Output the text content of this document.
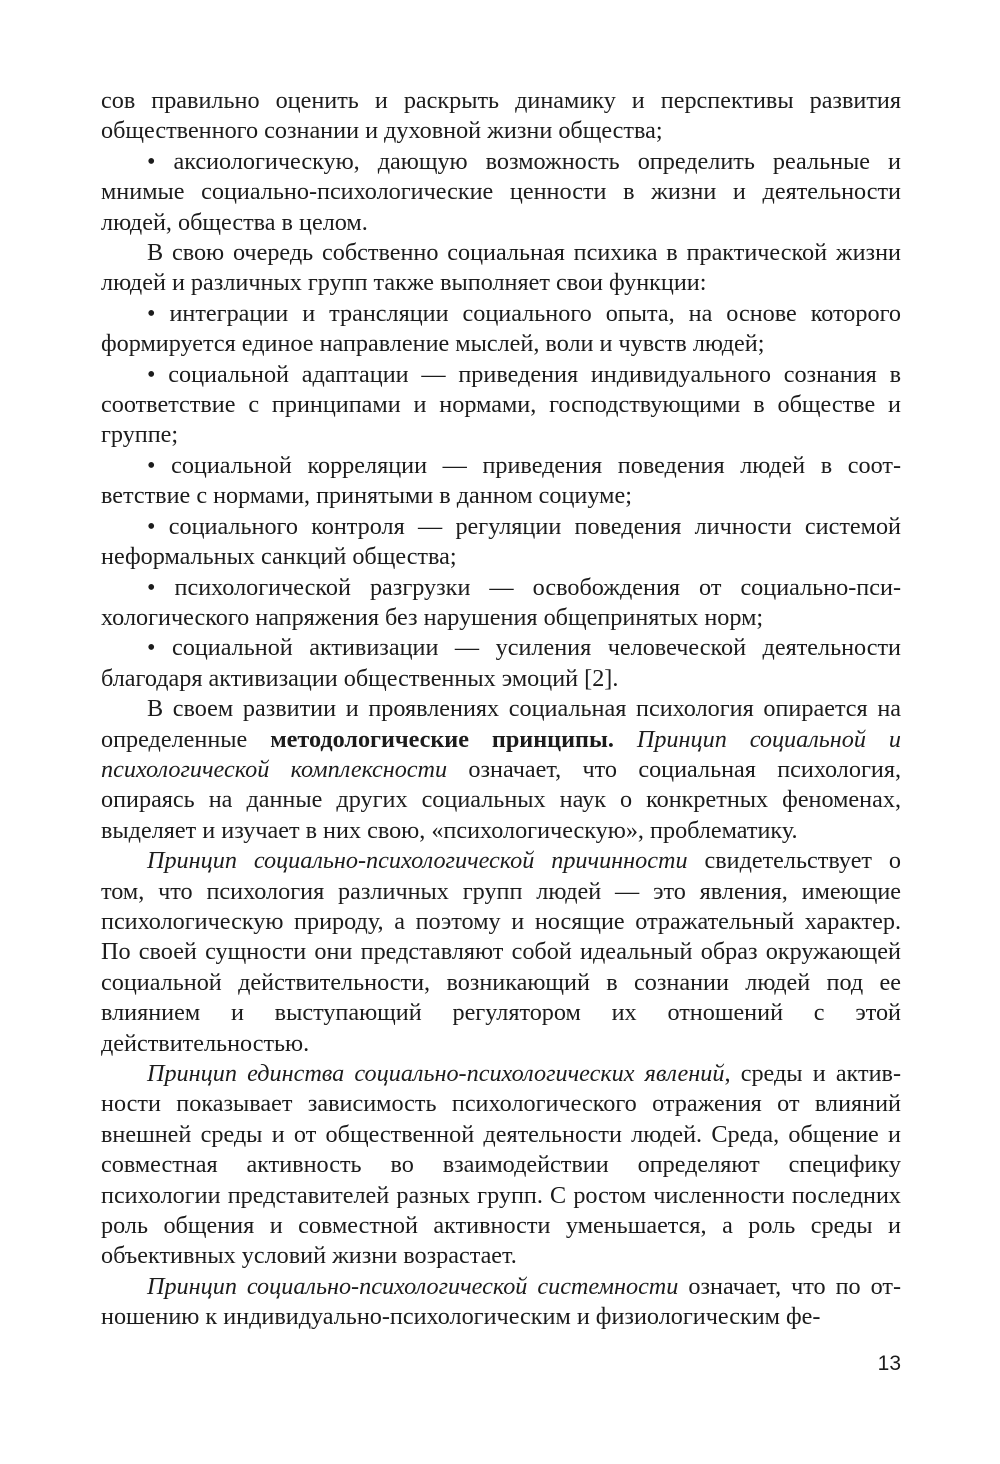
сов правильно оценить и раскрыть динамику и перспективы развития общественного сознании и духовной жизни общества;

• аксиологическую, дающую возможность определить реальные и мнимые социально-психологические ценности в жизни и деятельности людей, общества в целом.

В свою очередь собственно социальная психика в практической жизни людей и различных групп также выполняет свои функции:

• интеграции и трансляции социального опыта, на основе которого формируется единое направление мыслей, воли и чувств людей;

• социальной адаптации — приведения индивидуального сознания в соответствие с принципами и нормами, господствующими в обществе и группе;

• социальной корреляции — приведения поведения людей в соответствие с нормами, принятыми в данном социуме;

• социального контроля — регуляции поведения личности системой неформальных санкций общества;

• психологической разгрузки — освобождения от социально-психологического напряжения без нарушения общепринятых норм;

• социальной активизации — усиления человеческой деятельности благодаря активизации общественных эмоций [2].

В своем развитии и проявлениях социальная психология опирается на определенные методологические принципы. Принцип социальной и психологической комплексности означает, что социальная психология, опираясь на данные других социальных наук о конкретных феноменах, выделяет и изучает в них свою, «психологическую», проблематику.

Принцип социально-психологической причинности свидетельствует о том, что психология различных групп людей — это явления, имеющие психологическую природу, а поэтому и носящие отражательный характер. По своей сущности они представляют собой идеальный образ окружающей социальной действительности, возникающий в сознании людей под ее влиянием и выступающий регулятором их отношений с этой действительностью.

Принцип единства социально-психологических явлений, среды и активности показывает зависимость психологического отражения от влияний внешней среды и от общественной деятельности людей. Среда, общение и совместная активность во взаимодействии определяют специфику психологии представителей разных групп. С ростом численности последних роль общения и совместной активности уменьшается, а роль среды и объективных условий жизни возрастает.

Принцип социально-психологической системности означает, что по отношению к индивидуально-психологическим и физиологическим фе-

13
